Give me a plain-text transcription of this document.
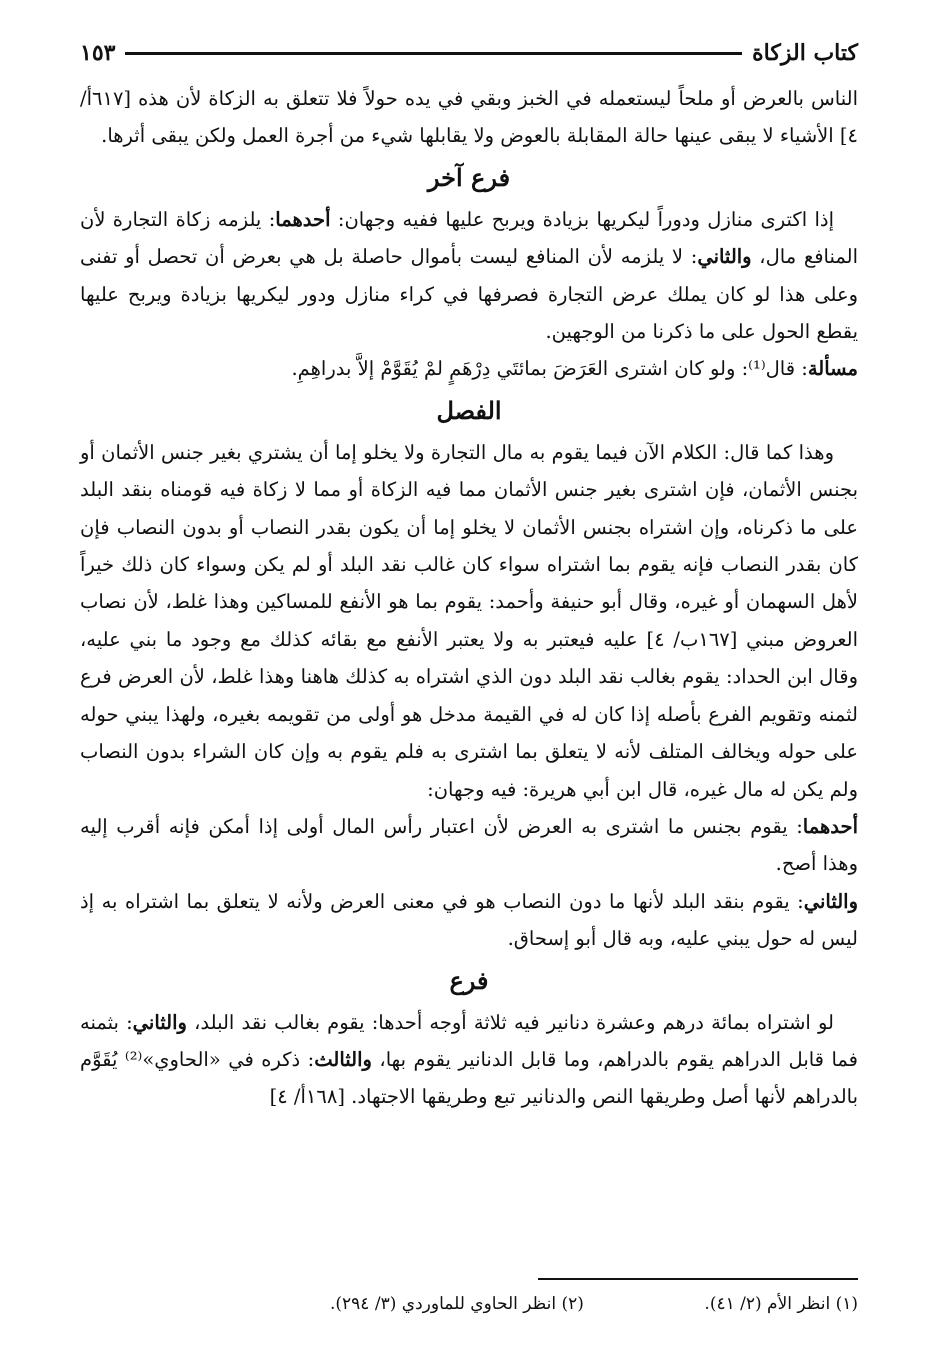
كتاب الزكاة
١٥٣

الناس بالعرض أو ملحاً ليستعمله في الخبز وبقي في يده حولاً فلا تتعلق به الزكاة لأن هذه [٦١٧أ/ ٤] الأشياء لا يبقى عينها حالة المقابلة بالعوض ولا يقابلها شيء من أجرة العمل ولكن يبقى أثرها.

فرع آخر

إذا اكترى منازل ودوراً ليكريها بزيادة ويربح عليها ففيه وجهان: أحدهما: يلزمه زكاة التجارة لأن المنافع مال، والثاني: لا يلزمه لأن المنافع ليست بأموال حاصلة بل هي بعرض أن تحصل أو تفنى وعلى هذا لو كان يملك عرض التجارة فصرفها في كراء منازل ودور ليكريها بزيادة ويربح عليها يقطع الحول على ما ذكرنا من الوجهين.

مسألة: قال⁽¹⁾: ولو كان اشترى العَرَضَ بمائتَي دِرْهَمٍ لمْ يُقَوَّمْ إلاَّ بدراهِمِ.

الفصل

وهذا كما قال: الكلام الآن فيما يقوم به مال التجارة ولا يخلو إما أن يشتري بغير جنس الأثمان أو بجنس الأثمان، فإن اشترى بغير جنس الأثمان مما فيه الزكاة أو مما لا زكاة فيه قومناه بنقد البلد على ما ذكرناه، وإن اشتراه بجنس الأثمان لا يخلو إما أن يكون بقدر النصاب أو بدون النصاب فإن كان بقدر النصاب فإنه يقوم بما اشتراه سواء كان غالب نقد البلد أو لم يكن وسواء كان ذلك خيراً لأهل السهمان أو غيره، وقال أبو حنيفة وأحمد: يقوم بما هو الأنفع للمساكين وهذا غلط، لأن نصاب العروض مبني [١٦٧ب/ ٤] عليه فيعتبر به ولا يعتبر الأنفع مع بقائه كذلك مع وجود ما بني عليه، وقال ابن الحداد: يقوم بغالب نقد البلد دون الذي اشتراه به كذلك هاهنا وهذا غلط، لأن العرض فرع لثمنه وتقويم الفرع بأصله إذا كان له في القيمة مدخل هو أولى من تقويمه بغيره، ولهذا يبني حوله على حوله ويخالف المتلف لأنه لا يتعلق بما اشترى به فلم يقوم به وإن كان الشراء بدون النصاب ولم يكن له مال غيره، قال ابن أبي هريرة: فيه وجهان:

أحدهما: يقوم بجنس ما اشترى به العرض لأن اعتبار رأس المال أولى إذا أمكن فإنه أقرب إليه وهذا أصح.

والثاني: يقوم بنقد البلد لأنها ما دون النصاب هو في معنى العرض ولأنه لا يتعلق بما اشتراه به إذ ليس له حول يبني عليه، وبه قال أبو إسحاق.

فرع

لو اشتراه بمائة درهم وعشرة دنانير فيه ثلاثة أوجه أحدها: يقوم بغالب نقد البلد، والثاني: بثمنه فما قابل الدراهم يقوم بالدراهم، وما قابل الدنانير يقوم بها، والثالث: ذكره في «الحاوي»⁽²⁾ يُقَوَّم بالدراهم لأنها أصل وطريقها النص والدنانير تبع وطريقها الاجتهاد. [١٦٨أ/ ٤]

(١) انظر الأم (٢/ ٤١).
(٢) انظر الحاوي للماوردي (٣/ ٢٩٤).
